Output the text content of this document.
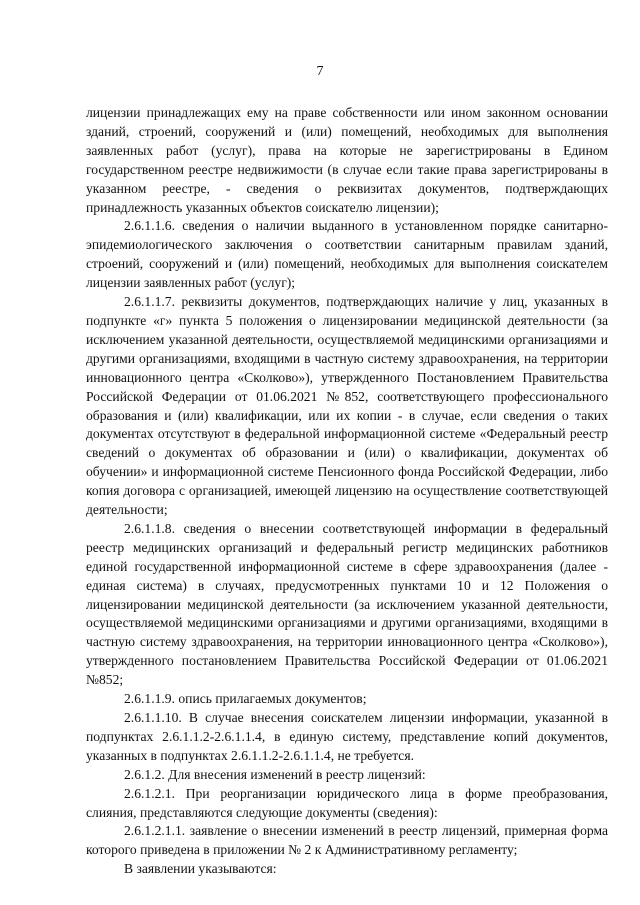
7

лицензии принадлежащих ему на праве собственности или ином законном основании зданий, строений, сооружений и (или) помещений, необходимых для выполнения заявленных работ (услуг), права на которые не зарегистрированы в Едином государственном реестре недвижимости (в случае если такие права зарегистрированы в указанном реестре, - сведения о реквизитах документов, подтверждающих принадлежность указанных объектов соискателю лицензии);

2.6.1.1.6. сведения о наличии выданного в установленном порядке санитарно-эпидемиологического заключения о соответствии санитарным правилам зданий, строений, сооружений и (или) помещений, необходимых для выполнения соискателем лицензии заявленных работ (услуг);

2.6.1.1.7. реквизиты документов, подтверждающих наличие у лиц, указанных в подпункте «г» пункта 5 положения о лицензировании медицинской деятельности (за исключением указанной деятельности, осуществляемой медицинскими организациями и другими организациями, входящими в частную систему здравоохранения, на территории инновационного центра «Сколково»), утвержденного Постановлением Правительства Российской Федерации от 01.06.2021 №852, соответствующего профессионального образования и (или) квалификации, или их копии - в случае, если сведения о таких документах отсутствуют в федеральной информационной системе «Федеральный реестр сведений о документах об образовании и (или) о квалификации, документах об обучении» и информационной системе Пенсионного фонда Российской Федерации, либо копия договора с организацией, имеющей лицензию на осуществление соответствующей деятельности;

2.6.1.1.8. сведения о внесении соответствующей информации в федеральный реестр медицинских организаций и федеральный регистр медицинских работников единой государственной информационной системе в сфере здравоохранения (далее - единая система) в случаях, предусмотренных пунктами 10 и 12 Положения о лицензировании медицинской деятельности (за исключением указанной деятельности, осуществляемой медицинскими организациями и другими организациями, входящими в частную систему здравоохранения, на территории инновационного центра «Сколково»), утвержденного постановлением Правительства Российской Федерации от 01.06.2021 №852;

2.6.1.1.9. опись прилагаемых документов;

2.6.1.1.10. В случае внесения соискателем лицензии информации, указанной в подпунктах 2.6.1.1.2-2.6.1.1.4, в единую систему, представление копий документов, указанных в подпунктах 2.6.1.1.2-2.6.1.1.4, не требуется.

2.6.1.2. Для внесения изменений в реестр лицензий:

2.6.1.2.1. При реорганизации юридического лица в форме преобразования, слияния, представляются следующие документы (сведения):

2.6.1.2.1.1. заявление о внесении изменений в реестр лицензий, примерная форма которого приведена в приложении № 2 к Административному регламенту;

В заявлении указываются:
